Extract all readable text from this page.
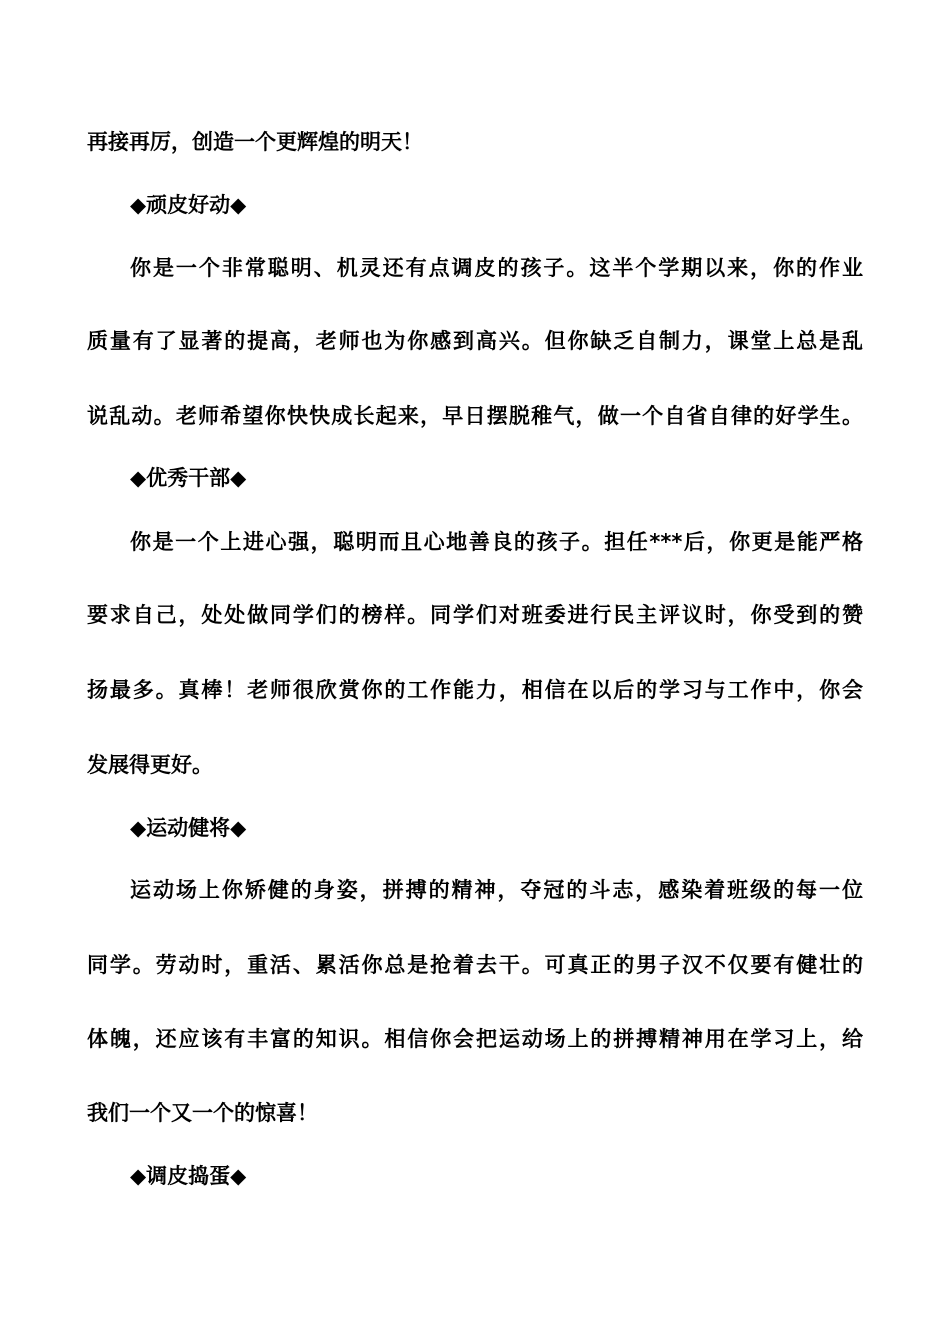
再接再厉，创造一个更辉煌的明天！
◆顽皮好动◆
你是一个非常聪明、机灵还有点调皮的孩子。这半个学期以来，你的作业
质量有了显著的提高，老师也为你感到高兴。但你缺乏自制力，课堂上总是乱
说乱动。老师希望你快快成长起来，早日摆脱稚气，做一个自省自律的好学生。
◆优秀干部◆
你是一个上进心强，聪明而且心地善良的孩子。担任***后，你更是能严格
要求自己，处处做同学们的榜样。同学们对班委进行民主评议时，你受到的赞
扬最多。真棒！老师很欣赏你的工作能力，相信在以后的学习与工作中，你会
发展得更好。
◆运动健将◆
运动场上你矫健的身姿，拼搏的精神，夺冠的斗志，感染着班级的每一位
同学。劳动时，重活、累活你总是抢着去干。可真正的男子汉不仅要有健壮的
体魄，还应该有丰富的知识。相信你会把运动场上的拼搏精神用在学习上，给
我们一个又一个的惊喜！
◆调皮捣蛋◆
